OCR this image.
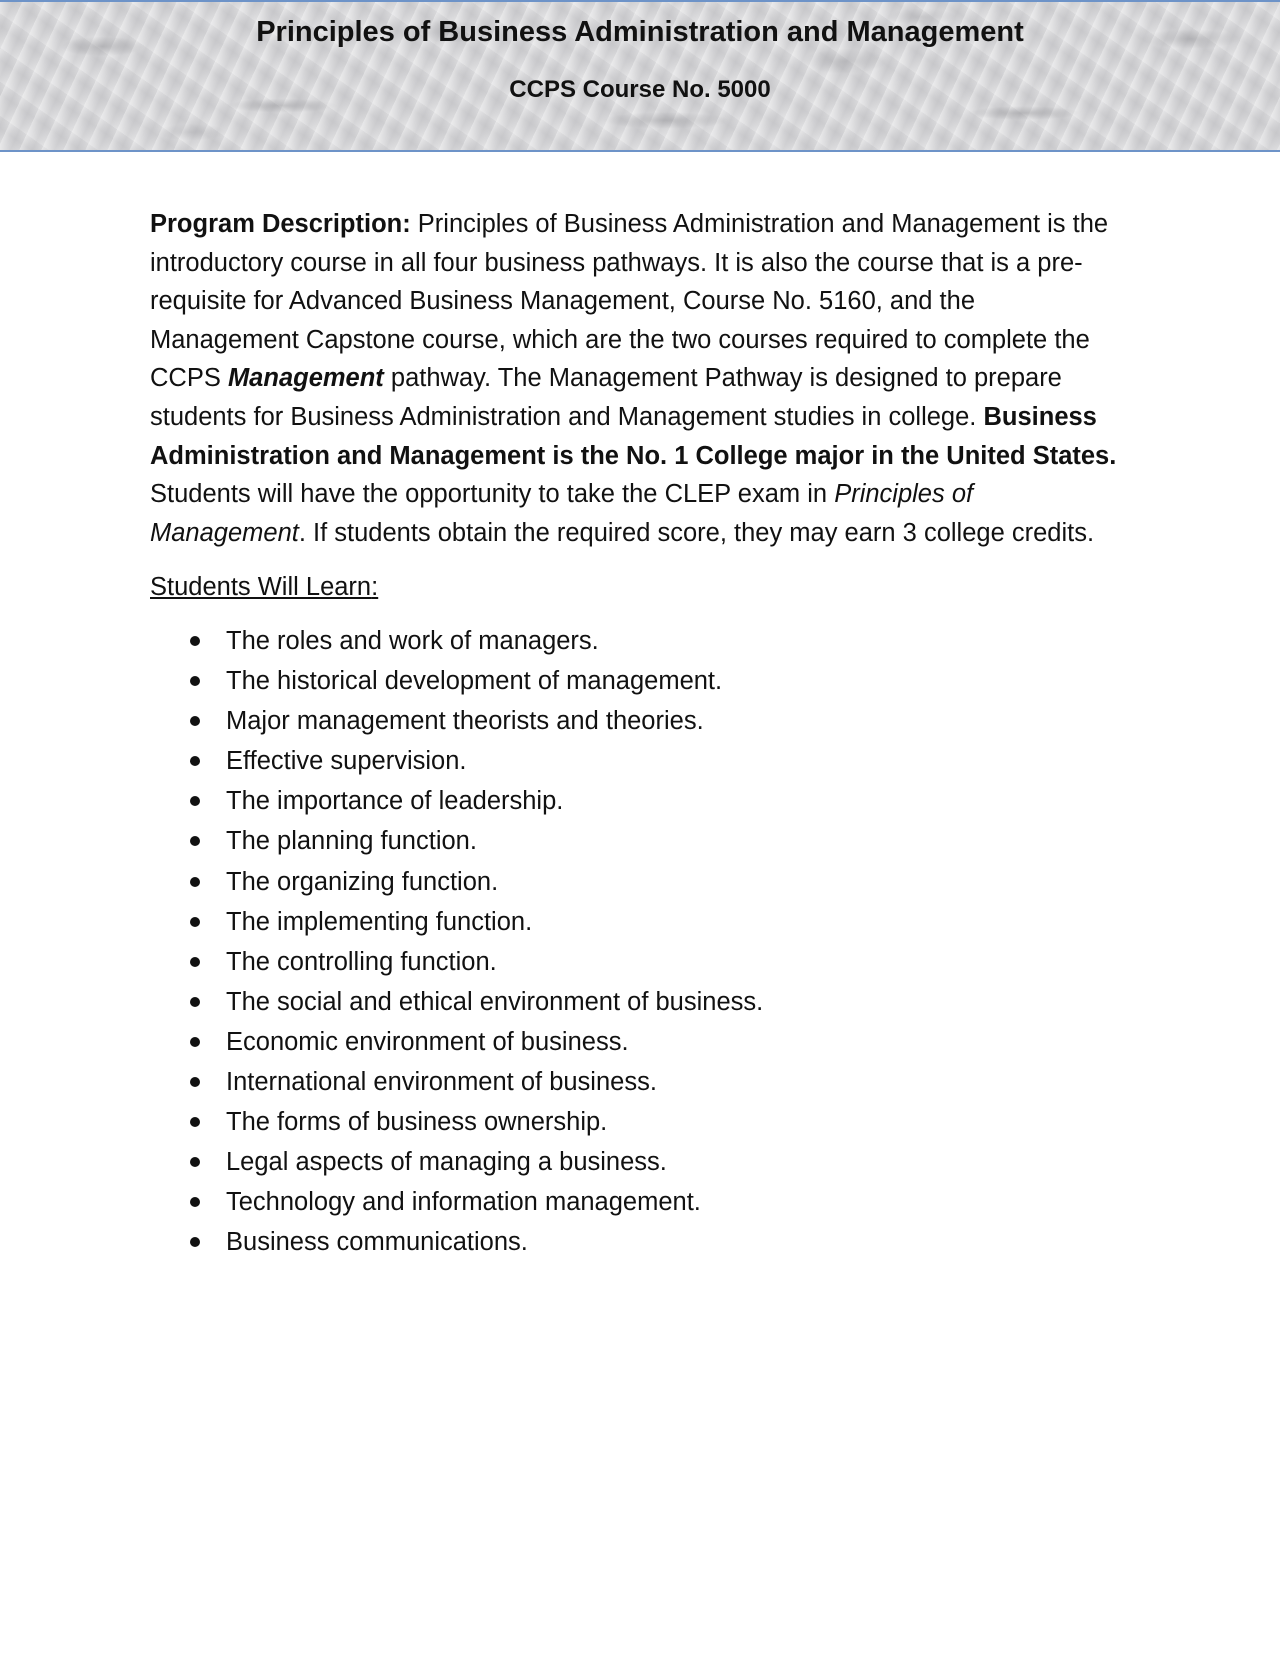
Principles of Business Administration and Management
CCPS Course No. 5000

Program Description: Principles of Business Administration and Management is the introductory course in all four business pathways. It is also the course that is a pre-requisite for Advanced Business Management, Course No. 5160, and the Management Capstone course, which are the two courses required to complete the CCPS Management pathway. The Management Pathway is designed to prepare students for Business Administration and Management studies in college. Business Administration and Management is the No. 1 College major in the United States. Students will have the opportunity to take the CLEP exam in Principles of Management. If students obtain the required score, they may earn 3 college credits.

Students Will Learn:
The roles and work of managers.
The historical development of management.
Major management theorists and theories.
Effective supervision.
The importance of leadership.
The planning function.
The organizing function.
The implementing function.
The controlling function.
The social and ethical environment of business.
Economic environment of business.
International environment of business.
The forms of business ownership.
Legal aspects of managing a business.
Technology and information management.
Business communications.
